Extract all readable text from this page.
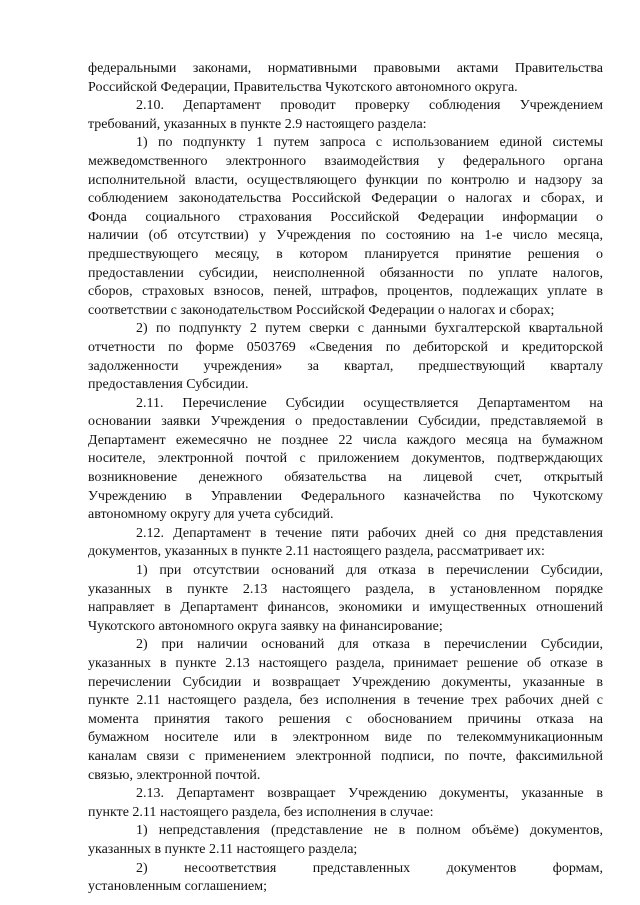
федеральными законами, нормативными правовыми актами Правительства
Российской Федерации, Правительства Чукотского автономного округа.
2.10. Департамент проводит проверку соблюдения Учреждением
требований, указанных в пункте 2.9 настоящего раздела:
1) по подпункту 1 путем запроса с использованием единой системы
межведомственного электронного взаимодействия у федерального органа
исполнительной власти, осуществляющего функции по контролю и надзору за
соблюдением законодательства Российской Федерации о налогах и сборах, и
Фонда социального страхования Российской Федерации информации о
наличии (об отсутствии) у Учреждения по состоянию на 1-е число месяца,
предшествующего месяцу, в котором планируется принятие решения о
предоставлении субсидии, неисполненной обязанности по уплате налогов,
сборов, страховых взносов, пеней, штрафов, процентов, подлежащих уплате в
соответствии с законодательством Российской Федерации о налогах и сборах;
2) по подпункту 2 путем сверки с данными бухгалтерской квартальной
отчетности по форме 0503769 «Сведения по дебиторской и кредиторской
задолженности учреждения» за квартал, предшествующий кварталу
предоставления Субсидии.
2.11. Перечисление Субсидии осуществляется Департаментом на
основании заявки Учреждения о предоставлении Субсидии, представляемой в
Департамент ежемесячно не позднее 22 числа каждого месяца на бумажном
носителе, электронной почтой с приложением документов, подтверждающих
возникновение денежного обязательства на лицевой счет, открытый
Учреждению в Управлении Федерального казначейства по Чукотскому
автономному округу для учета субсидий.
2.12. Департамент в течение пяти рабочих дней со дня представления
документов, указанных в пункте 2.11 настоящего раздела, рассматривает их:
1) при отсутствии оснований для отказа в перечислении Субсидии,
указанных в пункте 2.13 настоящего раздела, в установленном порядке
направляет в Департамент финансов, экономики и имущественных отношений
Чукотского автономного округа заявку на финансирование;
2) при наличии оснований для отказа в перечислении Субсидии,
указанных в пункте 2.13 настоящего раздела, принимает решение об отказе в
перечислении Субсидии и возвращает Учреждению документы, указанные в
пункте 2.11 настоящего раздела, без исполнения в течение трех рабочих дней с
момента принятия такого решения с обоснованием причины отказа на
бумажном носителе или в электронном виде по телекоммуникационным
каналам связи с применением электронной подписи, по почте, факсимильной
связью, электронной почтой.
2.13. Департамент возвращает Учреждению документы, указанные в
пункте 2.11 настоящего раздела, без исполнения в случае:
1) непредставления (представление не в полном объёме) документов,
указанных в пункте 2.11 настоящего раздела;
2) несоответствия представленных документов формам,
установленным соглашением;
